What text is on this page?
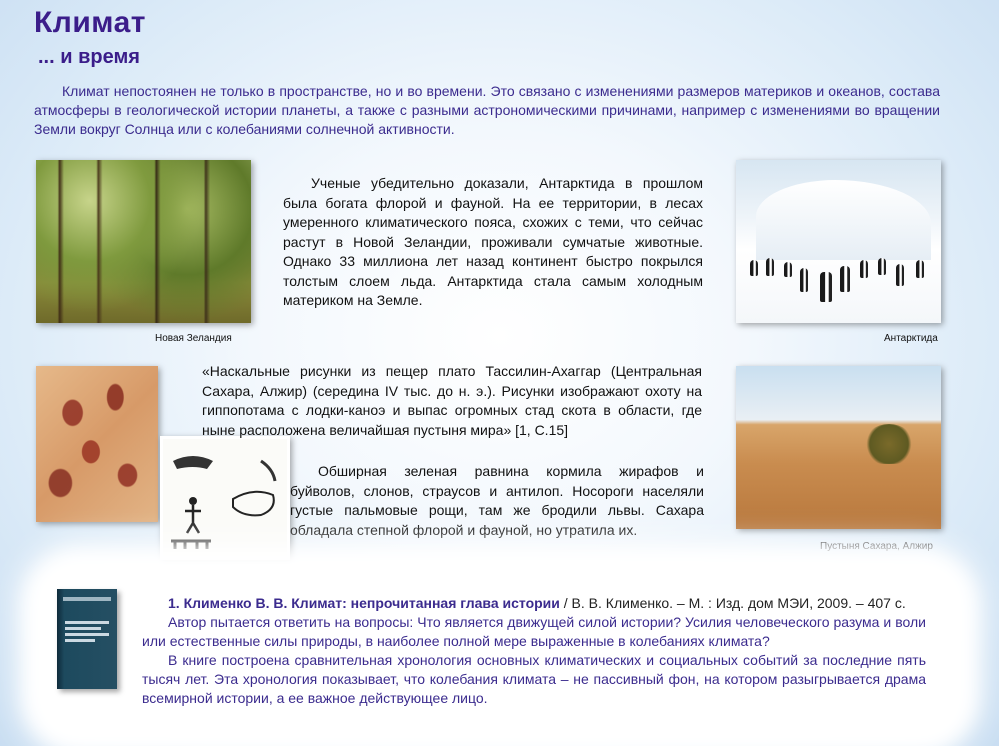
Климат
... и время
Климат непостоянен не только в пространстве, но и во времени. Это связано с изменениями размеров материков и океанов, состава атмосферы в геологической истории планеты, а также с разными астрономическими причинами, например с изменениями во вращении Земли вокруг Солнца или с колебаниями солнечной активности.
Новая Зеландия
Ученые убедительно доказали, Антарктида в прошлом была богата флорой и фауной. На ее территории, в лесах умеренного климатического пояса, схожих с теми, что сейчас растут в Новой Зеландии, проживали сумчатые животные. Однако 33 миллиона лет назад континент быстро покрылся толстым слоем льда. Антарктида стала самым холодным материком на Земле.
Антарктида
«Наскальные рисунки из пещер плато Тассилин-Ахаггар (Центральная Сахара, Алжир) (середина IV тыс. до н. э.). Рисунки изображают охоту на гиппопотама с лодки-каноэ и выпас огромных стад скота в области, где ныне расположена величайшая пустыня мира» [1, С.15]
Обширная зеленая равнина кормила жирафов и буйволов, слонов, страусов и антилоп. Носороги населяли густые пальмовые рощи, там же бродили львы. Сахара обладала степной флорой и фауной, но утратила их.
Пустыня Сахара, Алжир

1. Клименко В. В. Климат: непрочитанная глава истории / В. В. Клименко. – М. : Изд. дом МЭИ, 2009. – 407 с.

Автор пытается ответить на вопросы: Что является движущей силой истории? Усилия человеческого разума и воли или естественные силы природы, в наиболее полной мере выраженные в колебаниях климата?

В книге построена сравнительная хронология основных климатических и социальных событий за последние пять тысяч лет. Эта хронология показывает, что колебания климата – не пассивный фон, на котором разыгрывается драма всемирной истории, а ее важное действующее лицо.
